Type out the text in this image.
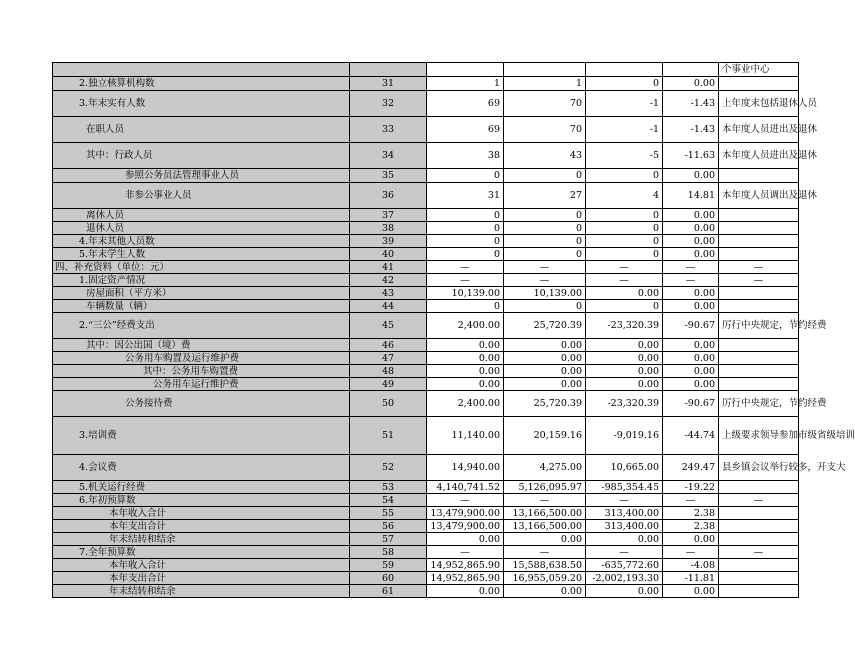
						个事业中心
2.独立核算机构数	31	1	1	0	0.00	
3.年末实有人数	32	69	70	-1	-1.43	上年度末包括退休人员
在职人员	33	69	70	-1	-1.43	本年度人员进出及退休
其中：行政人员	34	38	43	-5	-11.63	本年度人员进出及退休
参照公务员法管理事业人员	35	0	0	0	0.00	
非参公事业人员	36	31	27	4	14.81	本年度人员调出及退休
离休人员	37	0	0	0	0.00	
退休人员	38	0	0	0	0.00	
4.年末其他人员数	39	0	0	0	0.00	
5.年末学生人数	40	0	0	0	0.00	
四、补充资料（单位：元）	41	—	—	—	—	—
1.固定资产情况	42	—	—	—	—	—
房屋面积（平方米）	43	10,139.00	10,139.00	0.00	0.00	
车辆数量（辆）	44	0	0	0	0.00	
2.“三公”经费支出	45	2,400.00	25,720.39	-23,320.39	-90.67	厉行中央规定，节约经费
其中：因公出国（境）费	46	0.00	0.00	0.00	0.00	
公务用车购置及运行维护费	47	0.00	0.00	0.00	0.00	
其中：公务用车购置费	48	0.00	0.00	0.00	0.00	
公务用车运行维护费	49	0.00	0.00	0.00	0.00	
公务接待费	50	2,400.00	25,720.39	-23,320.39	-90.67	厉行中央规定，节约经费
3.培训费	51	11,140.00	20,159.16	-9,019.16	-44.74	上级要求领导参加市级省级培训
4.会议费	52	14,940.00	4,275.00	10,665.00	249.47	县乡镇会议举行较多，开支大
5.机关运行经费	53	4,140,741.52	5,126,095.97	-985,354.45	-19.22	
6.年初预算数	54	—	—	—	—	—
本年收入合计	55	13,479,900.00	13,166,500.00	313,400.00	2.38	
本年支出合计	56	13,479,900.00	13,166,500.00	313,400.00	2.38	
年末结转和结余	57	0.00	0.00	0.00	0.00	
7.全年预算数	58	—	—	—	—	—
本年收入合计	59	14,952,865.90	15,588,638.50	-635,772.60	-4.08	
本年支出合计	60	14,952,865.90	16,955,059.20	-2,002,193.30	-11.81	
年末结转和结余	61	0.00	0.00	0.00	0.00	
